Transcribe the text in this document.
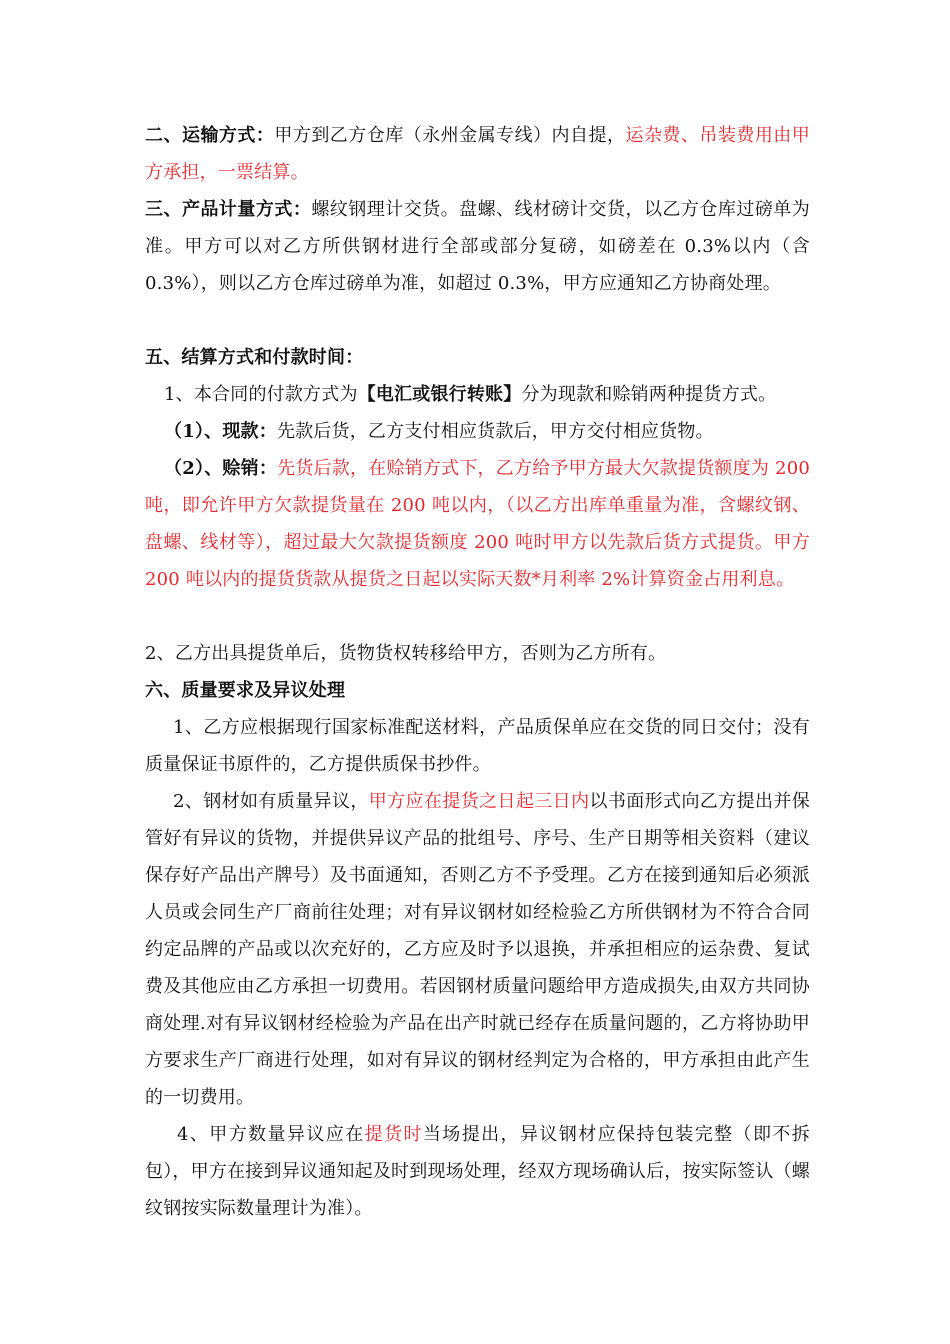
二、运输方式：甲方到乙方仓库（永州金属专线）内自提，运杂费、吊装费用由甲方承担，一票结算。

三、产品计量方式：螺纹钢理计交货。盘螺、线材磅计交货，以乙方仓库过磅单为准。甲方可以对乙方所供钢材进行全部或部分复磅，如磅差在 0.3%以内（含 0.3%），则以乙方仓库过磅单为准，如超过 0.3%，甲方应通知乙方协商处理。

五、结算方式和付款时间：

1、本合同的付款方式为【电汇或银行转账】分为现款和赊销两种提货方式。

（1）、现款：先款后货，乙方支付相应货款后，甲方交付相应货物。

（2）、赊销：先货后款，在赊销方式下，乙方给予甲方最大欠款提货额度为 200 吨，即允许甲方欠款提货量在 200 吨以内，（以乙方出库单重量为准，含螺纹钢、盘螺、线材等），超过最大欠款提货额度 200 吨时甲方以先款后货方式提货。甲方 200 吨以内的提货货款从提货之日起以实际天数*月利率 2%计算资金占用利息。

2、乙方出具提货单后，货物货权转移给甲方，否则为乙方所有。

六、质量要求及异议处理

1、乙方应根据现行国家标准配送材料，产品质保单应在交货的同日交付；没有质量保证书原件的，乙方提供质保书抄件。

2、钢材如有质量异议，甲方应在提货之日起三日内以书面形式向乙方提出并保管好有异议的货物，并提供异议产品的批组号、序号、生产日期等相关资料（建议保存好产品出产牌号）及书面通知，否则乙方不予受理。乙方在接到通知后必须派人员或会同生产厂商前往处理；对有异议钢材如经检验乙方所供钢材为不符合合同约定品牌的产品或以次充好的，乙方应及时予以退换，并承担相应的运杂费、复试费及其他应由乙方承担一切费用。若因钢材质量问题给甲方造成损失,由双方共同协商处理.对有异议钢材经检验为产品在出产时就已经存在质量问题的，乙方将协助甲方要求生产厂商进行处理，如对有异议的钢材经判定为合格的，甲方承担由此产生的一切费用。

4、甲方数量异议应在提货时当场提出，异议钢材应保持包装完整（即不拆包），甲方在接到异议通知起及时到现场处理，经双方现场确认后，按实际签认（螺纹钢按实际数量理计为准）。
